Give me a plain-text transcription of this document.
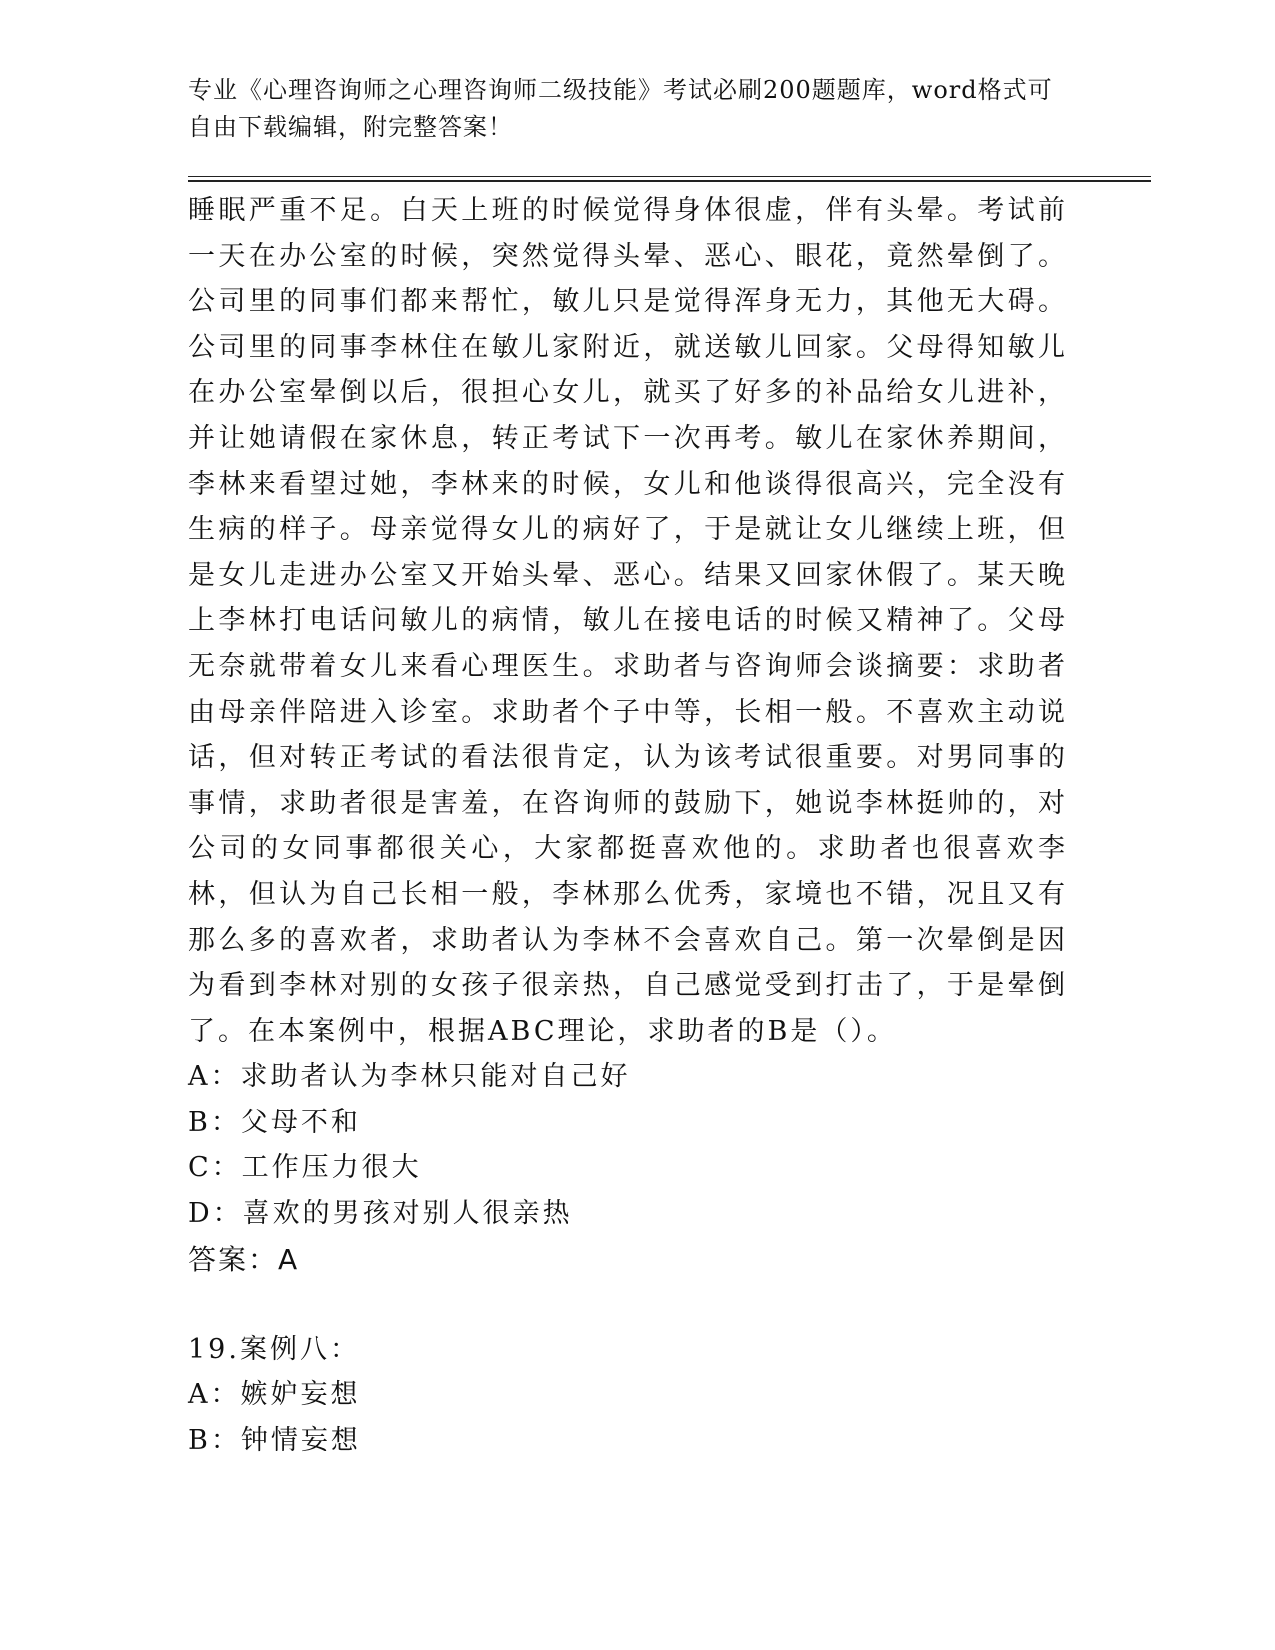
专业《心理咨询师之心理咨询师二级技能》考试必刷200题题库，word格式可自由下载编辑，附完整答案！

睡眠严重不足。白天上班的时候觉得身体很虚，伴有头晕。考试前一天在办公室的时候，突然觉得头晕、恶心、眼花，竟然晕倒了。公司里的同事们都来帮忙，敏儿只是觉得浑身无力，其他无大碍。公司里的同事李林住在敏儿家附近，就送敏儿回家。父母得知敏儿在办公室晕倒以后，很担心女儿，就买了好多的补品给女儿进补，并让她请假在家休息，转正考试下一次再考。敏儿在家休养期间，李林来看望过她，李林来的时候，女儿和他谈得很高兴，完全没有生病的样子。母亲觉得女儿的病好了，于是就让女儿继续上班，但是女儿走进办公室又开始头晕、恶心。结果又回家休假了。某天晚上李林打电话问敏儿的病情，敏儿在接电话的时候又精神了。父母无奈就带着女儿来看心理医生。求助者与咨询师会谈摘要：求助者由母亲伴陪进入诊室。求助者个子中等，长相一般。不喜欢主动说话，但对转正考试的看法很肯定，认为该考试很重要。对男同事的事情，求助者很是害羞，在咨询师的鼓励下，她说李林挺帅的，对公司的女同事都很关心，大家都挺喜欢他的。求助者也很喜欢李林，但认为自己长相一般，李林那么优秀，家境也不错，况且又有那么多的喜欢者，求助者认为李林不会喜欢自己。第一次晕倒是因为看到李林对别的女孩子很亲热，自己感觉受到打击了，于是晕倒了。在本案例中，根据ABC理论，求助者的B是（）。

A：求助者认为李林只能对自己好

B：父母不和

C：工作压力很大

D：喜欢的男孩对别人很亲热

答案：A

19.案例八：

A：嫉妒妄想

B：钟情妄想
